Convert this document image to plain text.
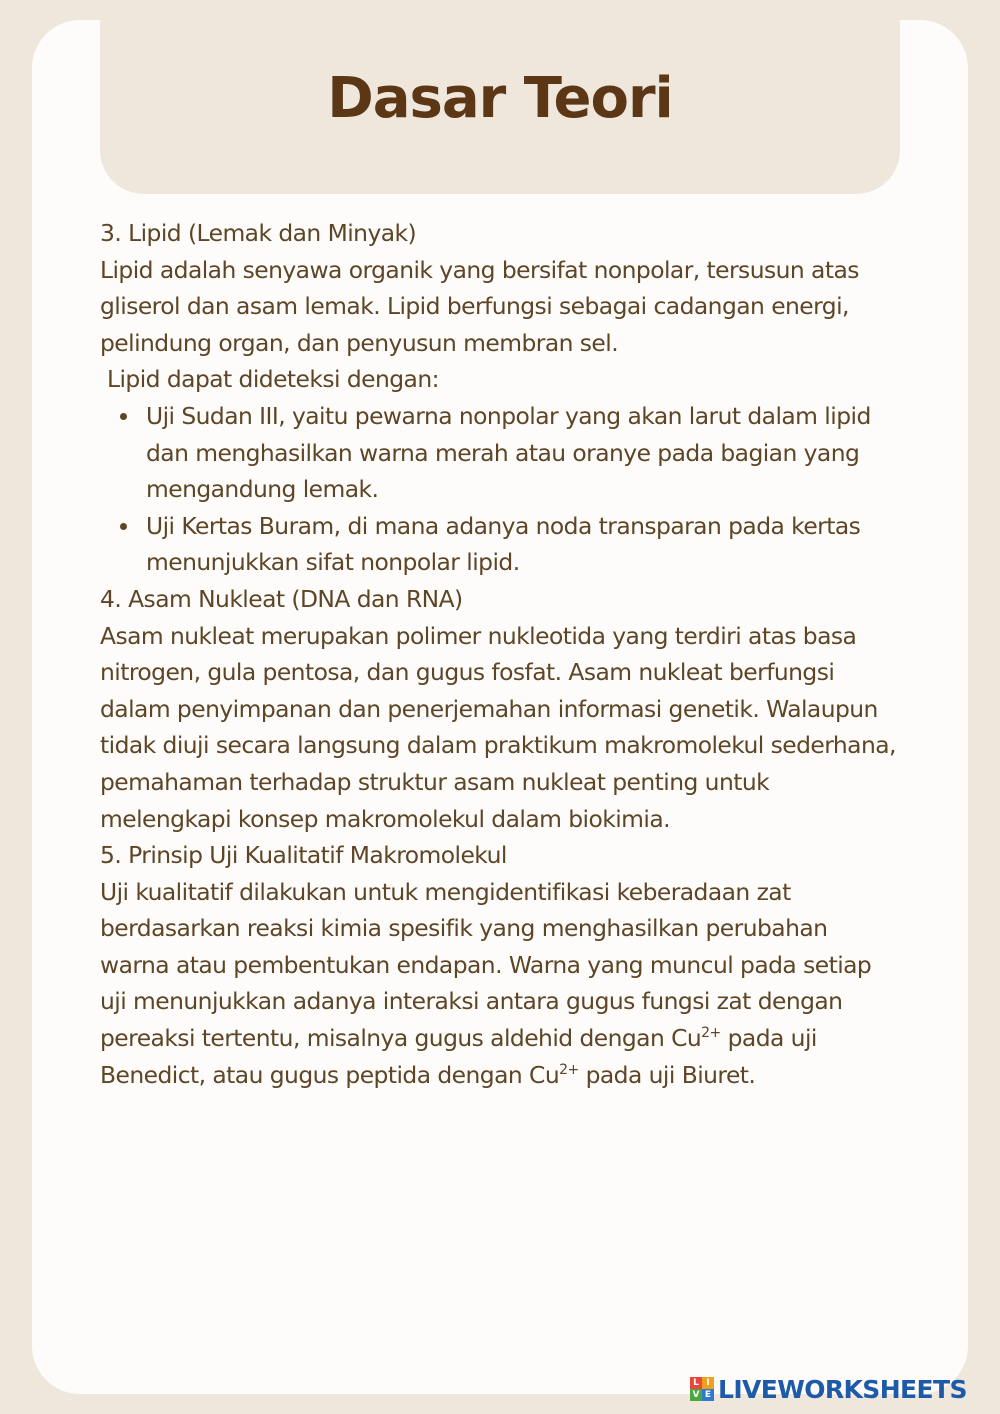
Dasar Teori

3. Lipid (Lemak dan Minyak)

Lipid adalah senyawa organik yang bersifat nonpolar, tersusun atas gliserol dan asam lemak. Lipid berfungsi sebagai cadangan energi, pelindung organ, dan penyusun membran sel.

Lipid dapat dideteksi dengan:

Uji Sudan III, yaitu pewarna nonpolar yang akan larut dalam lipid dan menghasilkan warna merah atau oranye pada bagian yang mengandung lemak.
Uji Kertas Buram, di mana adanya noda transparan pada kertas menunjukkan sifat nonpolar lipid.

4. Asam Nukleat (DNA dan RNA)

Asam nukleat merupakan polimer nukleotida yang terdiri atas basa nitrogen, gula pentosa, dan gugus fosfat. Asam nukleat berfungsi dalam penyimpanan dan penerjemahan informasi genetik. Walaupun tidak diuji secara langsung dalam praktikum makromolekul sederhana, pemahaman terhadap struktur asam nukleat penting untuk melengkapi konsep makromolekul dalam biokimia.

5. Prinsip Uji Kualitatif Makromolekul

Uji kualitatif dilakukan untuk mengidentifikasi keberadaan zat berdasarkan reaksi kimia spesifik yang menghasilkan perubahan warna atau pembentukan endapan. Warna yang muncul pada setiap uji menunjukkan adanya interaksi antara gugus fungsi zat dengan pereaksi tertentu, misalnya gugus aldehid dengan $Cu^{2+}$ pada uji Benedict, atau gugus peptida dengan $Cu^{2+}$ pada uji Biuret.

L I
V E LIVEWORKSHEETS
